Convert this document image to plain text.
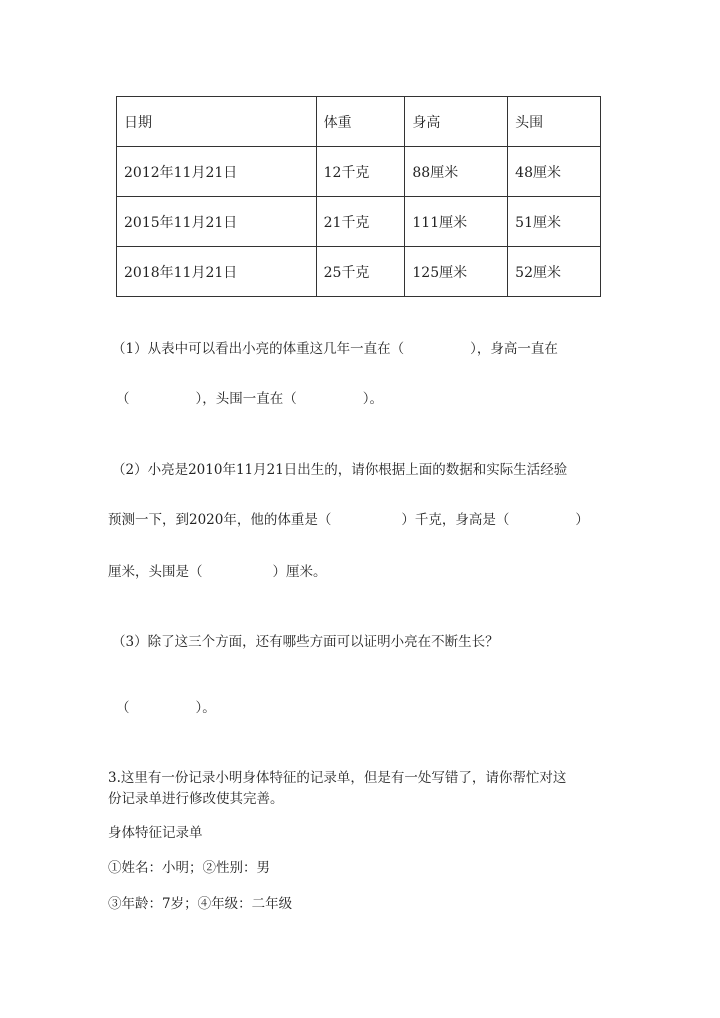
日期	体重	身高	头围
2012年11月21日	12千克	88厘米	48厘米
2015年11月21日	21千克	111厘米	51厘米
2018年11月21日	25千克	125厘米	52厘米
（1）从表中可以看出小亮的体重这几年一直在（	），身高一直在
（	），头围一直在（	）。
（2）小亮是2010年11月21日出生的，请你根据上面的数据和实际生活经验
预测一下，到2020年，他的体重是（	）千克，身高是（	）
厘米，头围是（	）厘米。
（3）除了这三个方面，还有哪些方面可以证明小亮在不断生长？
（	）。
3.这里有一份记录小明身体特征的记录单，但是有一处写错了，请你帮忙对这
份记录单进行修改使其完善。
身体特征记录单
①姓名：小明；②性别：男
③年龄：7岁；④年级：二年级
